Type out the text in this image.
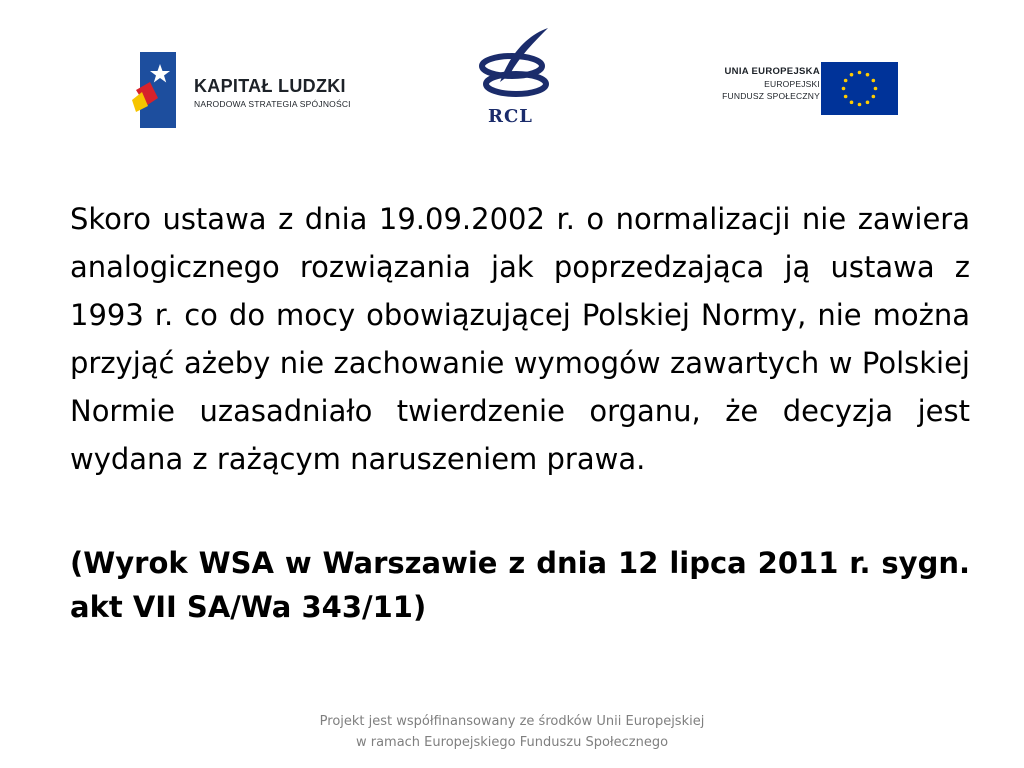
KAPITAŁ LUDZKI
NARODOWA STRATEGIA SPÓJNOŚCI
RCL
UNIA EUROPEJSKA
EUROPEJSKI
FUNDUSZ SPOŁECZNY

Skoro ustawa z dnia 19.09.2002 r. o normalizacji nie zawiera analogicznego rozwiązania jak poprzedzająca ją ustawa z 1993 r. co do mocy obowiązującej Polskiej Normy, nie można przyjąć ażeby nie zachowanie wymogów zawartych w Polskiej Normie uzasadniało twierdzenie organu, że decyzja jest wydana z rażącym naruszeniem prawa.

(Wyrok WSA w Warszawie z dnia 12 lipca 2011 r. sygn. akt VII SA/Wa 343/11)

Projekt jest współfinansowany ze środków Unii Europejskiej
w ramach Europejskiego Funduszu Społecznego
